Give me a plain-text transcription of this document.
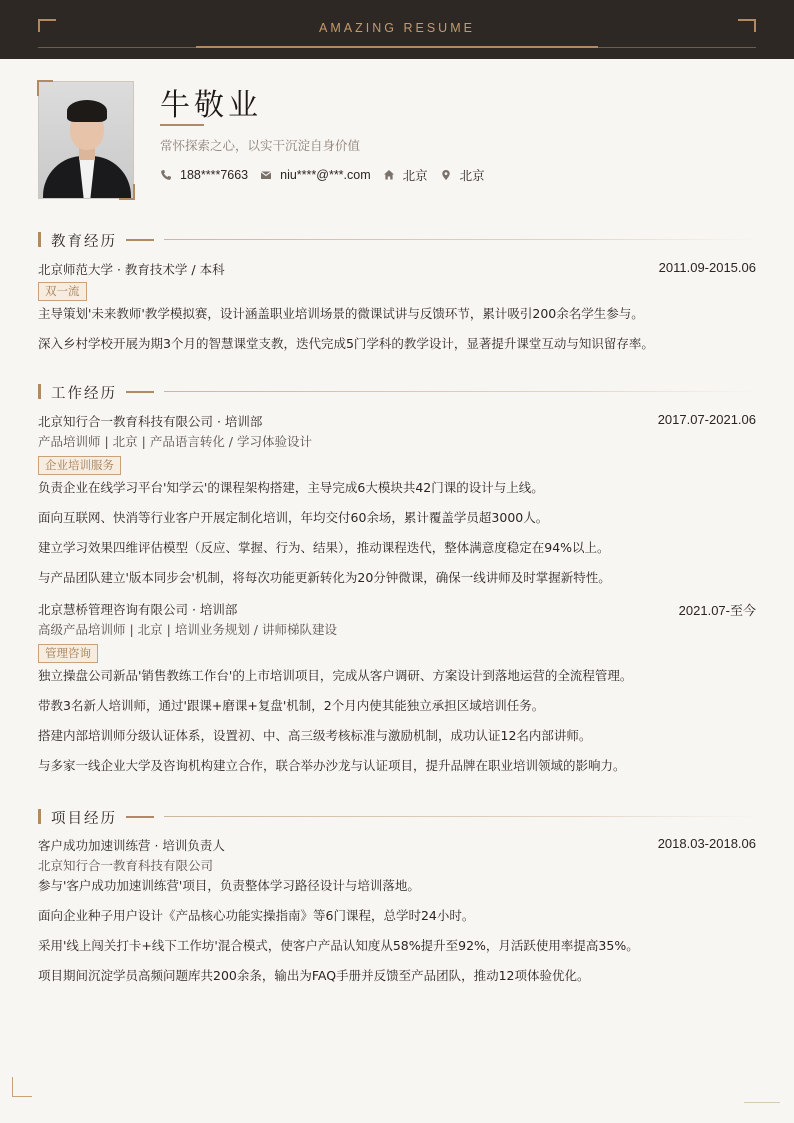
AMAZING RESUME
牛敬业
常怀探索之心，以实干沉淀自身价值
188****7663	niu****@***.com	北京	北京
教育经历
北京师范大学 · 教育技术学 / 本科	2011.09-2015.06
双一流
主导策划'未来教师'教学模拟赛，设计涵盖职业培训场景的微课试讲与反馈环节，累计吸引200余名学生参与。
深入乡村学校开展为期3个月的智慧课堂支教，迭代完成5门学科的教学设计，显著提升课堂互动与知识留存率。
工作经历
北京知行合一教育科技有限公司 · 培训部	2017.07-2021.06
产品培训师 | 北京 | 产品语言转化 / 学习体验设计
企业培训服务
负责企业在线学习平台'知学云'的课程架构搭建，主导完成6大模块共42门课的设计与上线。
面向互联网、快消等行业客户开展定制化培训，年均交付60余场，累计覆盖学员超3000人。
建立学习效果四维评估模型（反应、掌握、行为、结果），推动课程迭代，整体满意度稳定在94%以上。
与产品团队建立'版本同步会'机制，将每次功能更新转化为20分钟微课，确保一线讲师及时掌握新特性。
北京慧桥管理咨询有限公司 · 培训部	2021.07-至今
高级产品培训师 | 北京 | 培训业务规划 / 讲师梯队建设
管理咨询
独立操盘公司新品'销售教练工作台'的上市培训项目，完成从客户调研、方案设计到落地运营的全流程管理。
带教3名新人培训师，通过'跟课+磨课+复盘'机制，2个月内使其能独立承担区域培训任务。
搭建内部培训师分级认证体系，设置初、中、高三级考核标准与激励机制，成功认证12名内部讲师。
与多家一线企业大学及咨询机构建立合作，联合举办沙龙与认证项目，提升品牌在职业培训领域的影响力。
项目经历
客户成功加速训练营 · 培训负责人	2018.03-2018.06
北京知行合一教育科技有限公司
参与'客户成功加速训练营'项目，负责整体学习路径设计与培训落地。
面向企业种子用户设计《产品核心功能实操指南》等6门课程，总学时24小时。
采用'线上闯关打卡+线下工作坊'混合模式，使客户产品认知度从58%提升至92%，月活跃使用率提高35%。
项目期间沉淀学员高频问题库共200余条，输出为FAQ手册并反馈至产品团队，推动12项体验优化。
